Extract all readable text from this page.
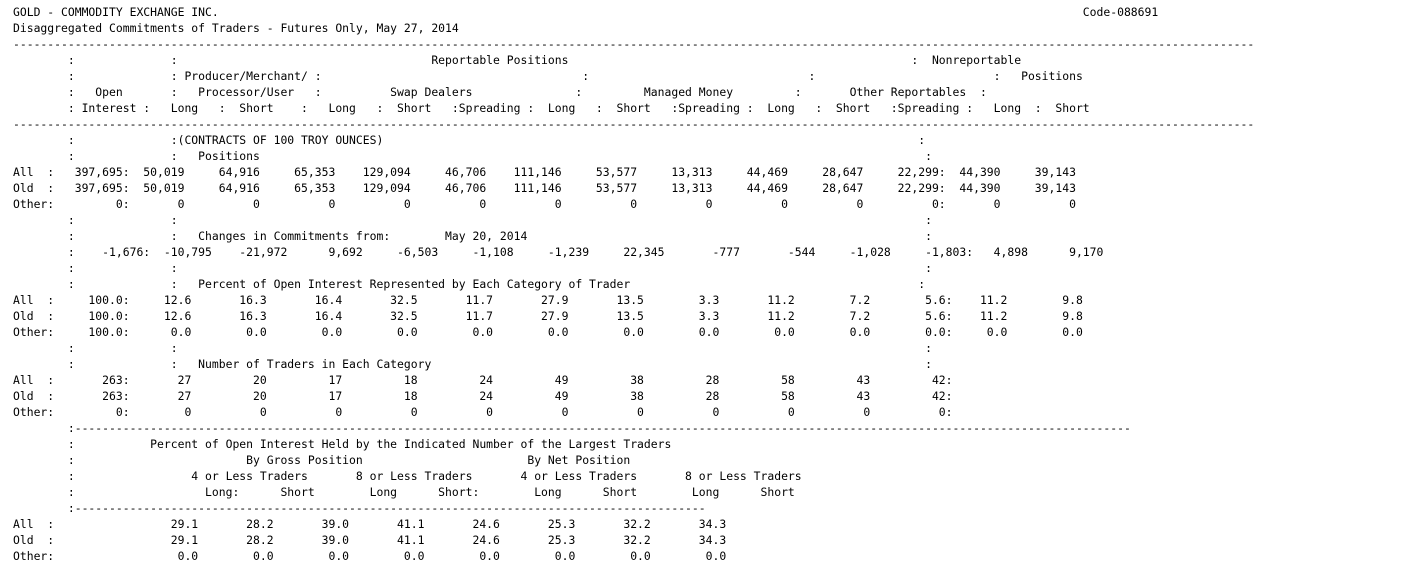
GOLD - COMMODITY EXCHANGE INC.                                                                                                                              Code-088691
Disaggregated Commitments of Traders - Futures Only, May 27, 2014
-------------------------------------------------------------------------------------------------------------------------------------------------------------------------------------
:              :                                     Reportable Positions                                                  :  Nonreportable
:              : Producer/Merchant/ :                                      :                                :                          :   Positions
:   Open       :   Processor/User   :          Swap Dealers               :         Managed Money         :       Other Reportables  :
: Interest :   Long   :  Short    :   Long   :  Short   :Spreading :  Long   :  Short   :Spreading :  Long   :  Short   :Spreading :   Long  :  Short
-------------------------------------------------------------------------------------------------------------------------------------------------------------------------------------
:              :(CONTRACTS OF 100 TROY OUNCES)                                                                              :
:              :   Positions                                                                                                 :
All  :   397,695:  50,019     64,916     65,353    129,094     46,706    111,146     53,577     13,313     44,469     28,647     22,299:  44,390     39,143
Old  :   397,695:  50,019     64,916     65,353    129,094     46,706    111,146     53,577     13,313     44,469     28,647     22,299:  44,390     39,143
Other:         0:       0          0          0          0          0          0          0          0          0          0          0:       0          0
:              :                                                                                                             :
:              :   Changes in Commitments from:        May 20, 2014                                                          :
:    -1,676:  -10,795    -21,972      9,692     -6,503     -1,108     -1,239     22,345       -777       -544     -1,028     -1,803:   4,898      9,170
:              :                                                                                                             :
:              :   Percent of Open Interest Represented by Each Category of Trader                                          :
All  :     100.0:     12.6       16.3       16.4       32.5       11.7       27.9       13.5        3.3       11.2        7.2        5.6:    11.2        9.8
Old  :     100.0:     12.6       16.3       16.4       32.5       11.7       27.9       13.5        3.3       11.2        7.2        5.6:    11.2        9.8
Other:     100.0:      0.0        0.0        0.0        0.0        0.0        0.0        0.0        0.0        0.0        0.0        0.0:     0.0        0.0
:              :                                                                                                             :
:              :   Number of Traders in Each Category                                                                        :
All  :       263:       27         20         17         18         24         49         38         28         58         43         42:
Old  :       263:       27         20         17         18         24         49         38         28         58         43         42:
Other:         0:        0          0          0          0          0          0          0          0          0          0          0:
:----------------------------------------------------------------------------------------------------------------------------------------------------------
:           Percent of Open Interest Held by the Indicated Number of the Largest Traders
:                         By Gross Position                        By Net Position
:                 4 or Less Traders       8 or Less Traders       4 or Less Traders       8 or Less Traders
:                   Long:      Short        Long      Short:        Long      Short        Long      Short
:--------------------------------------------------------------------------------------------
All  :                 29.1       28.2       39.0       41.1       24.6       25.3       32.2       34.3
Old  :                 29.1       28.2       39.0       41.1       24.6       25.3       32.2       34.3
Other:                  0.0        0.0        0.0        0.0        0.0        0.0        0.0        0.0
